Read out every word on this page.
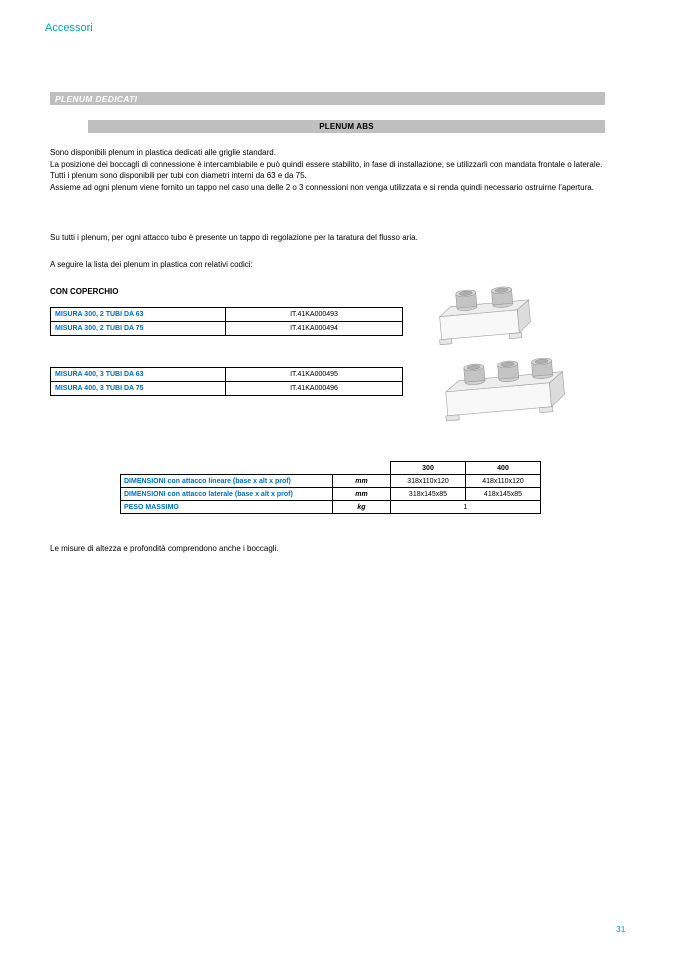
Accessori
PLENUM DEDICATI
PLENUM ABS

Sono disponibili plenum in plastica dedicati alle griglie standard.

La posizione dei boccagli di connessione è intercambiabile e può quindi essere stabilito, in fase di installazione, se utilizzarli con mandata frontale o laterale.

Tutti i plenum sono disponibili per tubi con diametri interni da 63 e da 75.

Assieme ad ogni plenum viene fornito un tappo nel caso una delle 2 o 3 connessioni non venga utilizzata e si renda quindi necessario ostruirne l’apertura.

Su tutti i plenum, per ogni attacco tubo è presente un tappo di regolazione per la taratura del flusso aria.
A seguire la lista dei plenum in plastica con relativi codici:
CON COPERCHIO
MISURA 300, 2 TUBI DA 63	IT.41KA000493
MISURA 300, 2 TUBI DA 75	IT.41KA000494
MISURA 400, 3 TUBI DA 63	IT.41KA000495
MISURA 400, 3 TUBI DA 75	IT.41KA000496
		300	400
DIMENSIONI con attacco lineare (base x alt x prof)	mm	318x110x120	418x110x120
DIMENSIONI con attacco laterale (base x alt x prof)	mm	318x145x85	418x145x85
PESO MASSIMO	kg	1	
Le misure di altezza e profondità comprendono anche i boccagli.
31
